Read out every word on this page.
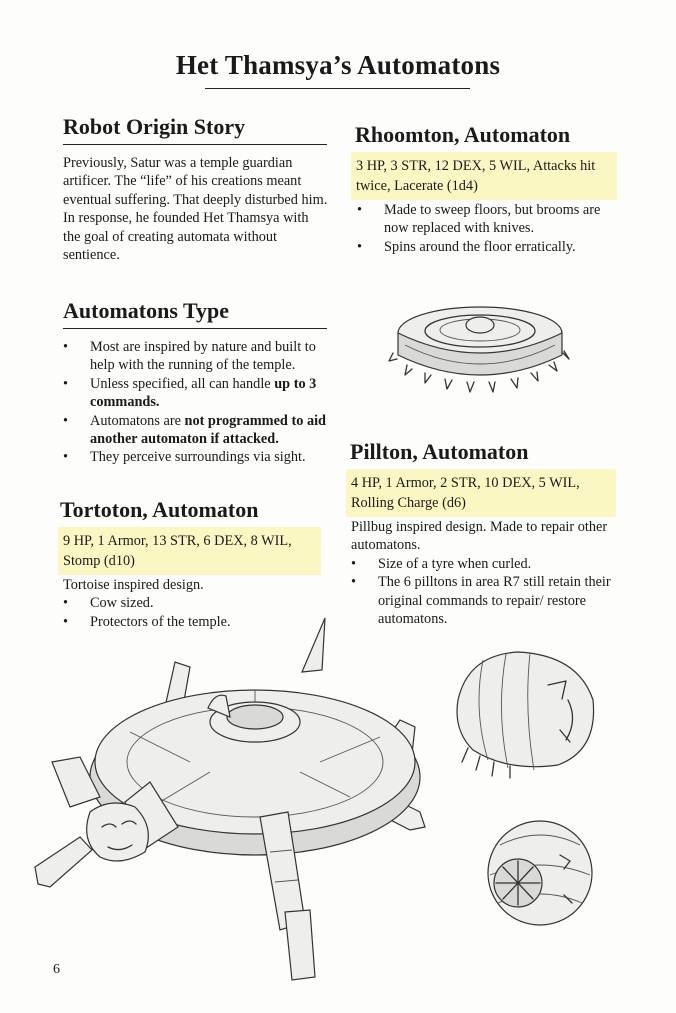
Het Thamsya’s Automatons
Robot Origin Story

Previously, Satur was a temple guardian artificer. The “life” of his creations meant eventual suffering. That deeply disturbed him.

In response, he founded Het Thamsya with the goal of creating automata without sentience.

Automatons Type
• Most are inspired by nature and built to help with the running of the temple.
• Unless specified, all can handle up to 3 commands.
• Automatons are not programmed to aid another automaton if attacked.
• They perceive surroundings via sight.
Tortoton, Automaton
9 HP, 1 Armor, 13 STR, 6 DEX, 8 WIL, Stomp (d10)

Tortoise inspired design.

• Cow sized.
• Protectors of the temple.
Rhoomton, Automaton
3 HP, 3 STR, 12 DEX, 5 WIL, Attacks hit twice, Lacerate (1d4)
• Made to sweep floors, but brooms are now replaced with knives.
• Spins around the floor erratically.
Pillton, Automaton
4 HP, 1 Armor, 2 STR, 10 DEX, 5 WIL, Rolling Charge (d6)

Pillbug inspired design. Made to repair other automatons.

• Size of a tyre when curled.
• The 6 pilltons in area R7 still retain their original commands to repair/ restore automatons.
6
